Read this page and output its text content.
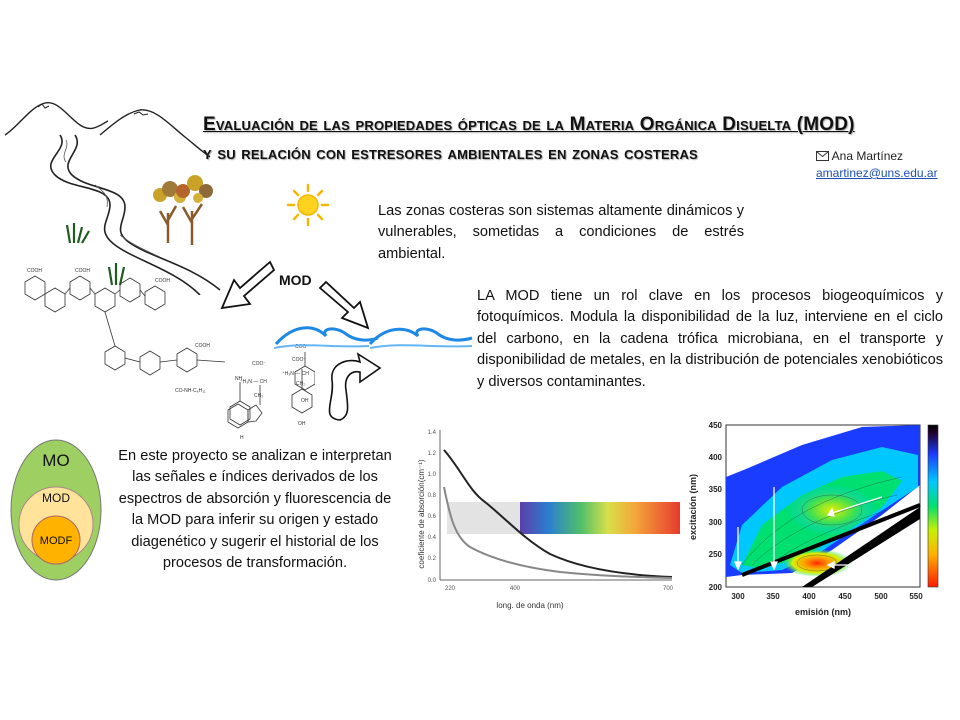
Evaluación de las propiedades ópticas de la Materia Orgánica Disuelta (MOD)
y su relación con estresores ambientales en zonas costeras	Ana Martínez
amartinez@uns.edu.ar
Las zonas costeras son sistemas altamente dinámicos y vulnerables, sometidas a condiciones de estrés ambiental.
LA MOD tiene un rol clave en los procesos biogeoquímicos y fotoquímicos. Modula la disponibilidad de la luz, interviene en el ciclo del carbono, en la cadena trófica microbiana, en el transporte y disponibilidad de metales, en la distribución de potenciales xenobióticos y diversos contaminantes.
En este proyecto se analizan e interpretan las señales e índices derivados de los espectros de absorción y fluorescencia de la MOD para inferir su origen y estado diagenético y sugerir el historial de los procesos de transformación.
COOH	COOH
COOH
COOH
NH
COO⁻
CO-NH-C₆H₁₁
OH
MOD
COO⁻
⁺H₃N — CH
CH₂
COO⁻
⁺H₃N — CH
CH₂
OH
H
MO
MOD
MODF
1.4
1.2
1.0
0.8
0.6
0.4
0.2
0.0
220	400	700
long. de onda (nm)
coeficiente de absorción(cm⁻¹)
450
400
350
300
250
200
300	350	400	450	500	550
emisión (nm)
excitación (nm)
